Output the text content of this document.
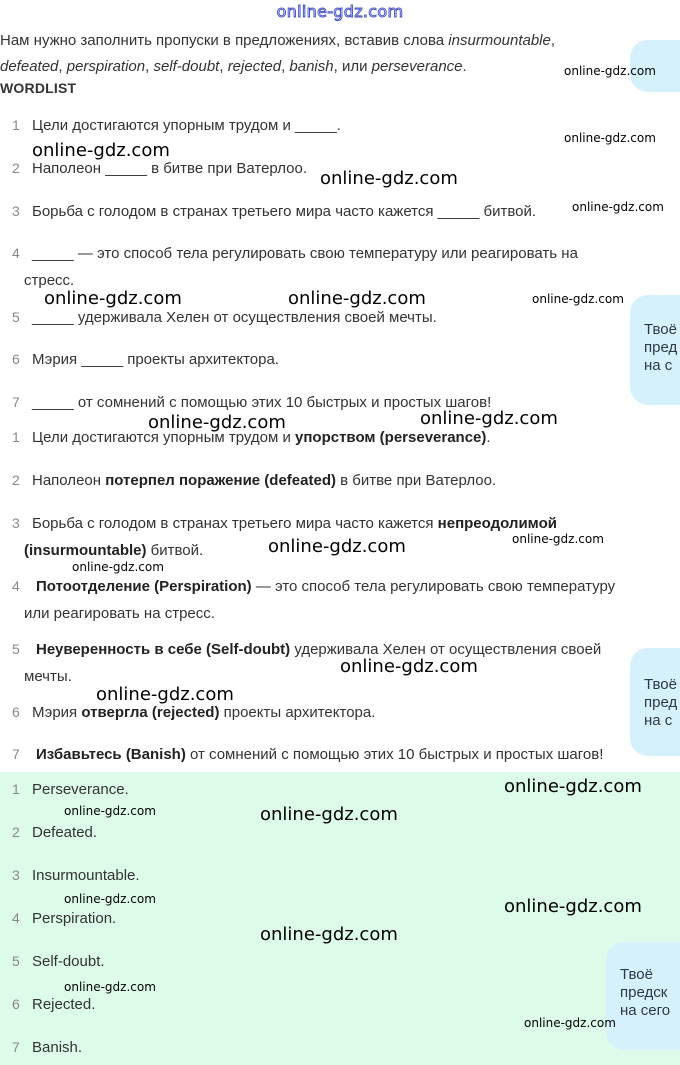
online-gdz.com
Нам нужно заполнить пропуски в предложениях, вставив слова insurmountable,
defeated, perspiration, self-doubt, rejected, banish, или perseverance.
WORDLIST
1 Цели достигаются упорным трудом и _____.
2 Наполеон _____ в битве при Ватерлоо.
3 Борьба с голодом в странах третьего мира часто кажется _____ битвой.
4 _____ — это способ тела регулировать свою температуру или реагировать на
стресс.
5 _____ удерживала Хелен от осуществления своей мечты.
6 Мэрия _____ проекты архитектора.
7 _____ от сомнений с помощью этих 10 быстрых и простых шагов!
1 Цели достигаются упорным трудом и упорством (perseverance).
2 Наполеон потерпел поражение (defeated) в битве при Ватерлоо.
3 Борьба с голодом в странах третьего мира часто кажется непреодолимой
(insurmountable) битвой.
4 Потоотделение (Perspiration) — это способ тела регулировать свою температуру
или реагировать на стресс.
5 Неуверенность в себе (Self-doubt) удерживала Хелен от осуществления своей
мечты.
6 Мэрия отвергла (rejected) проекты архитектора.
7 Избавьтесь (Banish) от сомнений с помощью этих 10 быстрых и простых шагов!
1 Perseverance.
2 Defeated.
3 Insurmountable.
4 Perspiration.
5 Self-doubt.
6 Rejected.
7 Banish.
Твоё
пред
на с
Твоё
пред
на с
Твоё
предск
на сего
online-gdz.com
online-gdz.com
online-gdz.com
online-gdz.com
online-gdz.com
online-gdz.com	online-gdz.com	online-gdz.com
online-gdz.com
online-gdz.com
online-gdz.com
online-gdz.com
online-gdz.com
online-gdz.com
online-gdz.com
online-gdz.com
online-gdz.com	online-gdz.com
online-gdz.com	online-gdz.com
online-gdz.com
online-gdz.com
online-gdz.com
